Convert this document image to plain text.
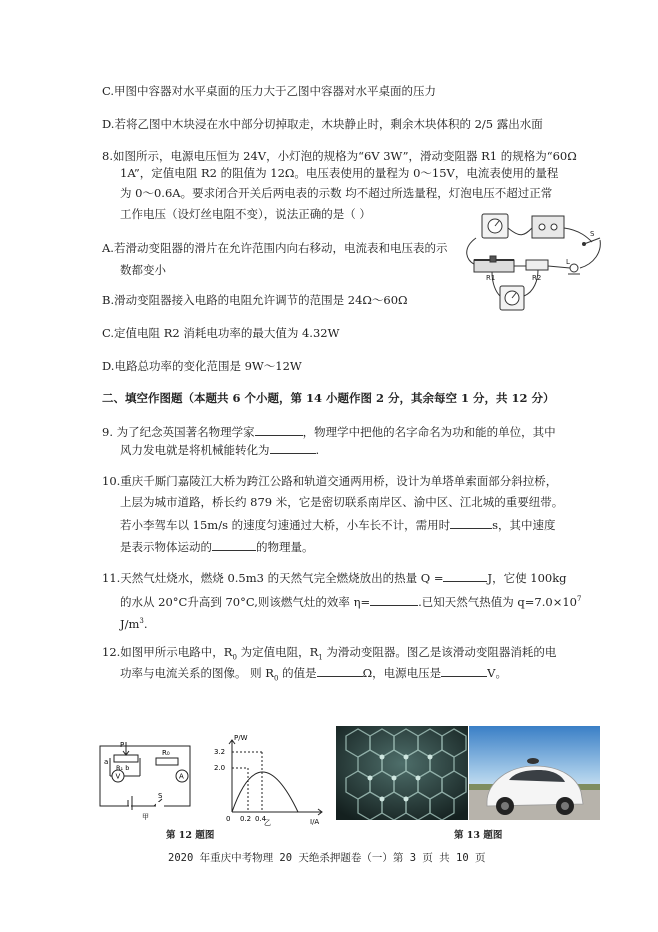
C.甲图中容器对水平桌面的压力大于乙图中容器对水平桌面的压力
D.若将乙图中木块浸在水中部分切掉取走，木块静止时，剩余木块体积的 2/5 露出水面
8.如图所示，电源电压恒为 24V，小灯泡的规格为“6V 3W”，滑动变阻器 R1 的规格为“60Ω
1A”，定值电阻 R2 的阻值为 12Ω。电压表使用的量程为 0～15V，电流表使用的量程
为 0～0.6A。要求闭合开关后两电表的示数 均不超过所选量程，灯泡电压不超过正常
工作电压（设灯丝电阻不变），说法正确的是（ ）
A.若滑动变阻器的滑片在允许范围内向右移动，电流表和电压表的示
数都变小
B.滑动变阻器接入电路的电阻允许调节的范围是 24Ω～60Ω
C.定值电阻 R2 消耗电功率的最大值为 4.32W
D.电路总功率的变化范围是 9W～12W
R1	R2
L
S
二、填空作图题（本题共 6 个小题，第 14 小题作图 2 分，其余每空 1 分，共 12 分）
9. 为了纪念英国著名物理学家	，物理学中把他的名字命名为功和能的单位，其中
风力发电就是将机械能转化为	.
10.重庆千厮门嘉陵江大桥为跨江公路和轨道交通两用桥，设计为单塔单索面部分斜拉桥，
上层为城市道路，桥长约 879 米，它是密切联系南岸区、渝中区、江北城的重要纽带。
若小李驾车以 15m/s 的速度匀速通过大桥，小车长不计，需用时	s，其中速度
是表示物体运动的	的物理量。
11.天然气灶烧水，燃烧 0.5m3 的天然气完全燃烧放出的热量 Q =	J，它使 100kg
的水从 20°C升高到 70°C,则该燃气灶的效率 η=	.已知天然气热值为 $q=7.0\times 10^7$
$J/m^3$.
12.如图甲所示电路中，$R_0$ 为定值电阻，$R_1$ 为滑动变阻器。图乙是该滑动变阻器消耗的电
功率与电流关系的图像。 则 $R_0$ 的值是	Ω，电源电压是	V。
P
a
R₁ b
R₀
V	A
S
甲
P/W
I/A
3.2
2.0
0 0.2 0.4
乙
第 12 题图	第 13 题图
2020 年重庆中考物理 20 天绝杀押题卷（一）第 3 页 共 10 页
